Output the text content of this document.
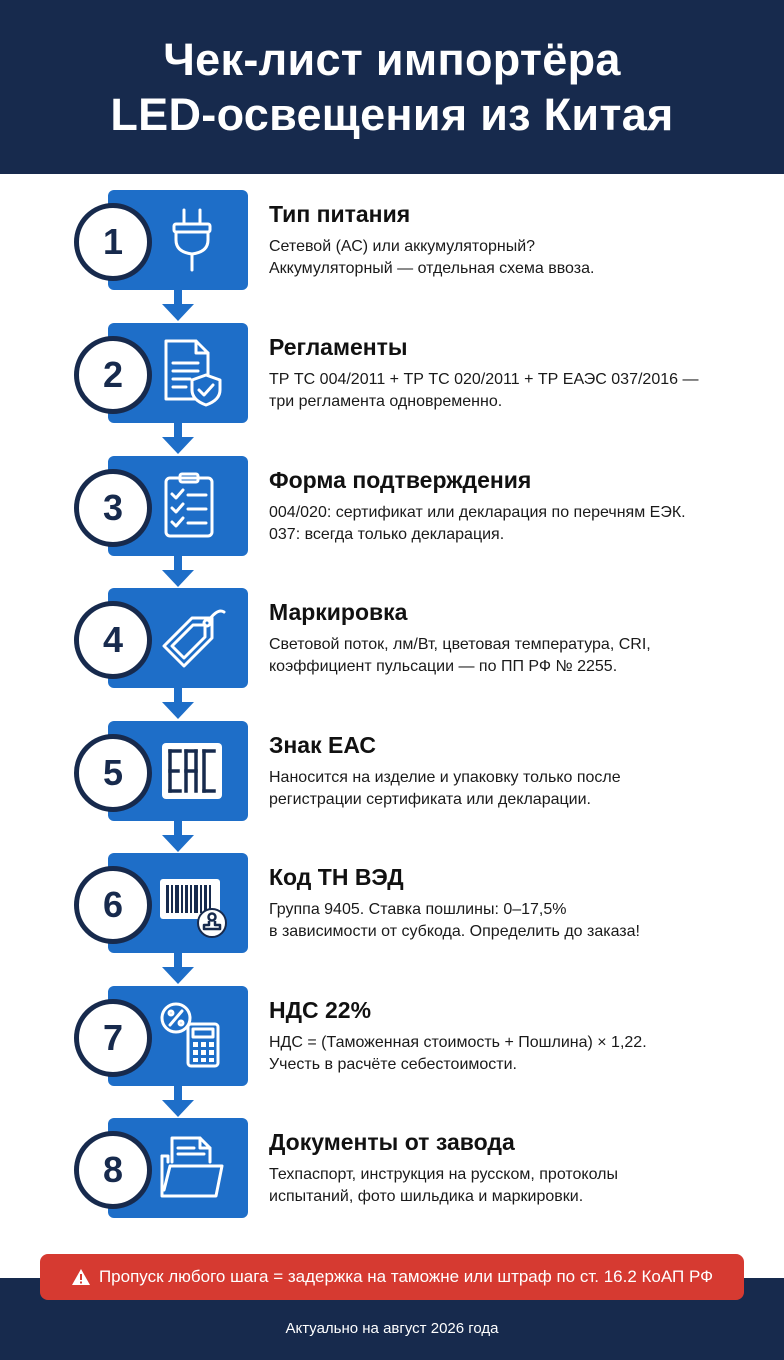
Чек-лист импортёра
LED-освещения из Китая
1
Тип питания

Сетевой (АС) или аккумуляторный?
Аккумуляторный — отдельная схема ввоза.

2
Регламенты

ТР ТС 004/2011 + ТР ТС 020/2011 + ТР ЕАЭС 037/2016 —
три регламента одновременно.

3
Форма подтверждения

004/020: сертификат или декларация по перечням ЕЭК.
037: всегда только декларация.

4
Маркировка

Световой поток, лм/Вт, цветовая температура, CRI,
коэффициент пульсации — по ПП РФ № 2255.

5
Знак ЕАС

Наносится на изделие и упаковку только после
регистрации сертификата или декларации.

6
Код ТН ВЭД

Группа 9405. Ставка пошлины: 0–17,5%
в зависимости от субкода. Определить до заказа!

7
НДС 22%

НДС = (Таможенная стоимость + Пошлина) × 1,22.
Учесть в расчёте себестоимости.

8
Документы от завода

Техпаспорт, инструкция на русском, протоколы
испытаний, фото шильдика и маркировки.

Пропуск любого шага = задержка на таможне или штраф по ст. 16.2 КоАП РФ
Актуально на август 2026 года
